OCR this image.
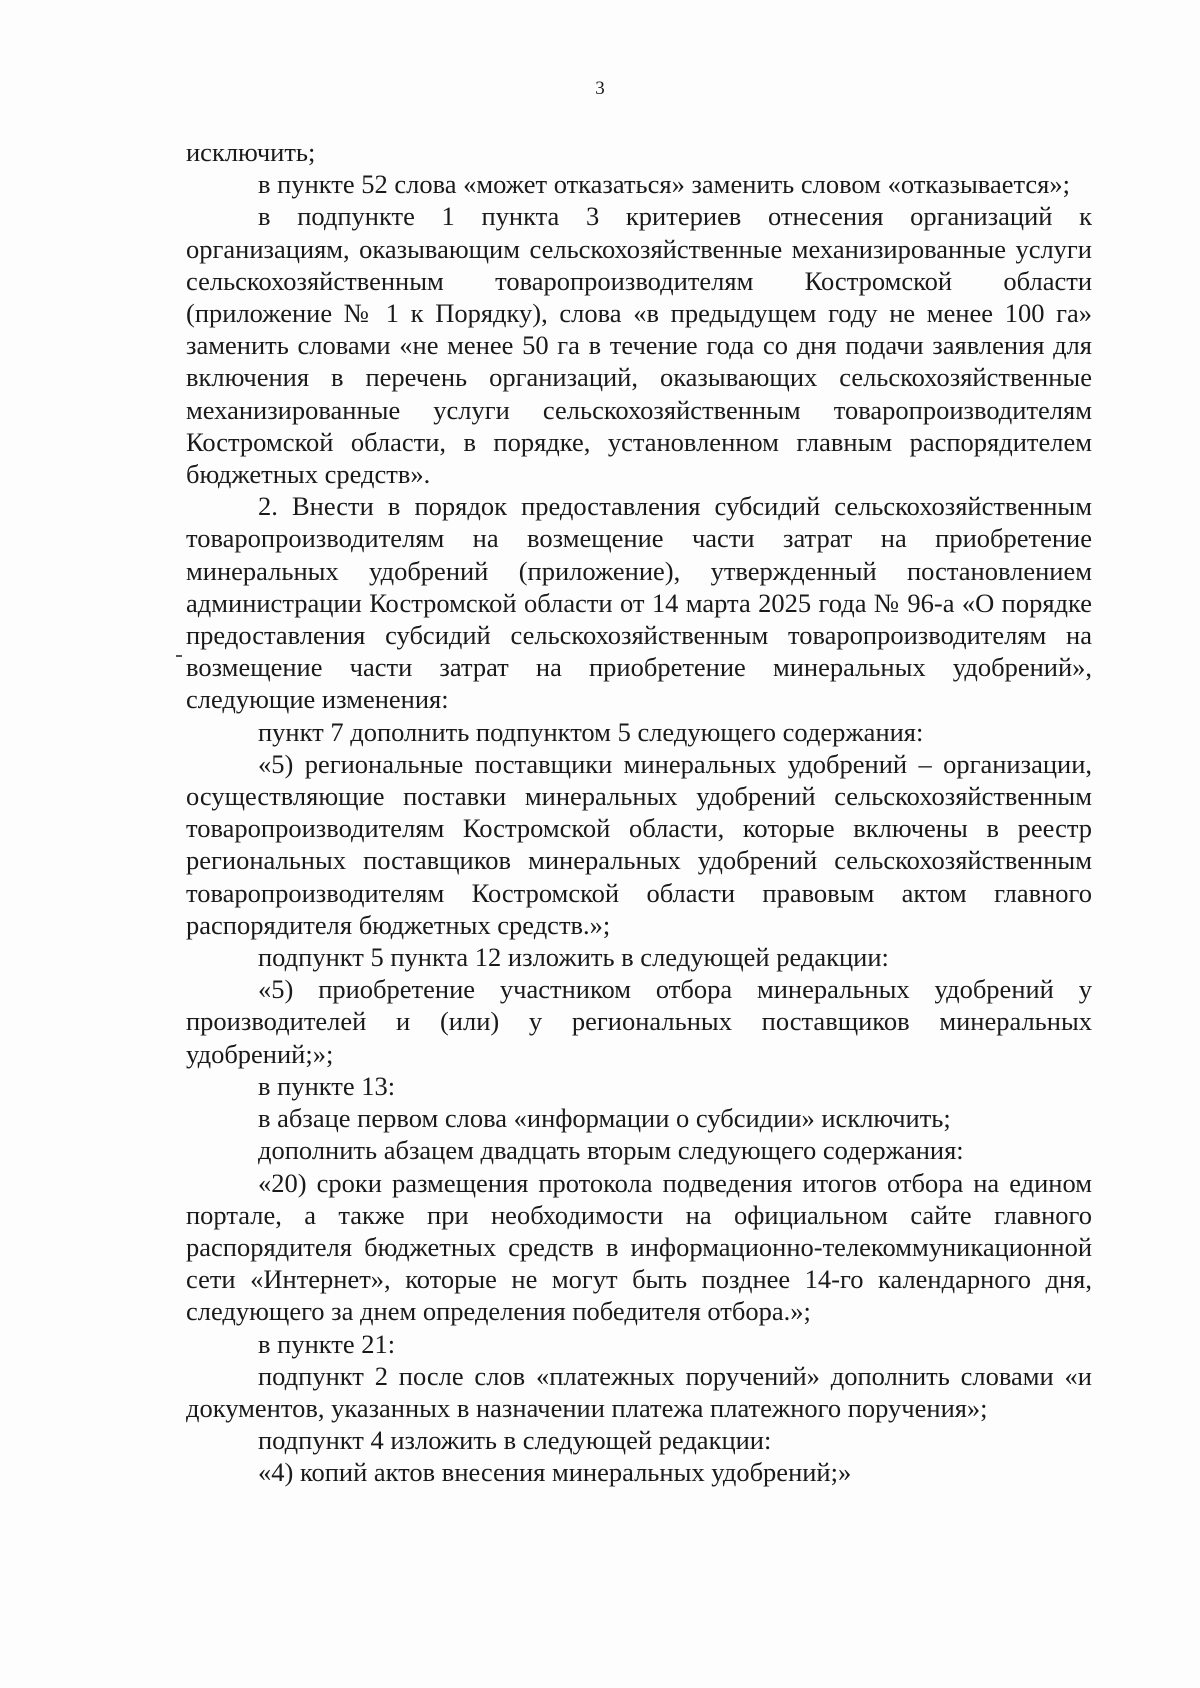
3

исключить;

в пункте 52 слова «может отказаться» заменить словом «отказывается»;

в подпункте 1 пункта 3 критериев отнесения организаций к организациям, оказывающим сельскохозяйственные механизированные услуги сельскохозяйственным товаропроизводителям Костромской области (приложение № 1 к Порядку), слова «в предыдущем году не менее 100 га» заменить словами «не менее 50 га в течение года со дня подачи заявления для включения в перечень организаций, оказывающих сельскохозяйственные механизированные услуги сельскохозяйственным товаропроизводителям Костромской области, в порядке, установленном главным распорядителем бюджетных средств».

2. Внести в порядок предоставления субсидий сельскохозяйственным товаропроизводителям на возмещение части затрат на приобретение минеральных удобрений (приложение), утвержденный постановлением администрации Костромской области от 14 марта 2025 года № 96-а «О порядке предоставления субсидий сельскохозяйственным товаропроизводителям на возмещение части затрат на приобретение минеральных удобрений», следующие изменения:

пункт 7 дополнить подпунктом 5 следующего содержания:

«5) региональные поставщики минеральных удобрений – организации, осуществляющие поставки минеральных удобрений сельскохозяйственным товаропроизводителям Костромской области, которые включены в реестр региональных поставщиков минеральных удобрений сельскохозяйственным товаропроизводителям Костромской области правовым актом главного распорядителя бюджетных средств.»;

подпункт 5 пункта 12 изложить в следующей редакции:

«5) приобретение участником отбора минеральных удобрений у производителей и (или) у региональных поставщиков минеральных удобрений;»;

в пункте 13:

в абзаце первом слова «информации о субсидии» исключить;

дополнить абзацем двадцать вторым следующего содержания:

«20) сроки размещения протокола подведения итогов отбора на едином портале, а также при необходимости на официальном сайте главного распорядителя бюджетных средств в информационно-телекоммуникационной сети «Интернет», которые не могут быть позднее 14-го календарного дня, следующего за днем определения победителя отбора.»;

в пункте 21:

подпункт 2 после слов «платежных поручений» дополнить словами «и документов, указанных в назначении платежа платежного поручения»;

подпункт 4 изложить в следующей редакции:

«4) копий актов внесения минеральных удобрений;»
